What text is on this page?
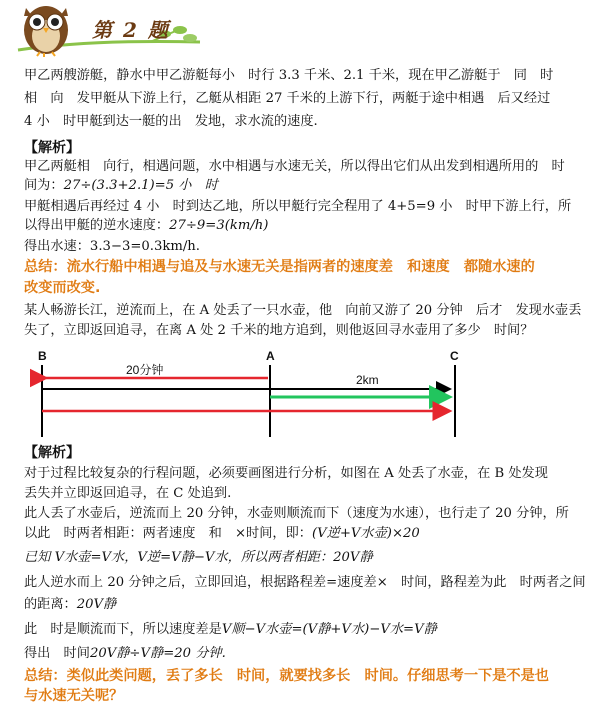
第 2 题
甲乙两艘游艇，静水中甲乙游艇每小　时行 3.3 千米、2.1 千米，现在甲乙游艇于　同　时
相　向　发甲艇从下游上行，乙艇从相距 27 千米的上游下行，两艇于途中相遇　后又经过
4 小　时甲艇到达一艇的出　发地，求水流的速度.
【解析】
甲乙两艇相　向行，相遇问题，水中相遇与水速无关，所以得出它们从出发到相遇所用的　时
间为：27÷(3.3+2.1)=5 小　时
甲艇相遇后再经过 4 小　时到达乙地，所以甲艇行完全程用了 4+5=9 小　时甲下游上行，所
以得出甲艇的逆水速度：27÷9=3(km/h)
得出水速：3.3−3=0.3km/h.
总结：流水行船中相遇与追及与水速无关是指两者的速度差　和速度　都随水速的
改变而改变.
某人畅游长江，逆流而上，在 A 处丢了一只水壶，他　向前又游了 20 分钟　后才　发现水壶丢
失了，立即返回追寻，在离 A 处 2 千米的地方追到，则他返回寻水壶用了多少　时间？
B	A	C
20分钟
2km
【解析】
对于过程比较复杂的行程问题，必须要画图进行分析，如图在 A 处丢了水壶，在 B 处发现
丢失并立即返回追寻，在 C 处追到.
此人丢了水壶后，逆流而上 20 分钟，水壶则顺流而下（速度为水速），也行走了 20 分钟，所
以此　时两者相距：两者速度　和　×时间，即：(V逆+V水壶)×20
已知 V水壶=V水，V逆=V静−V水，所以两者相距：20V静
此人逆水而上 20 分钟之后，立即回追，根据路程差=速度差×　时间，路程差为此　时两者之间
的距离：20V静
此　时是顺流而下，所以速度差是V顺−V水壶=(V静+V水)−V水=V静
得出　时间20V静÷V静=20 分钟.
总结：类似此类问题，丢了多长　时间，就要找多长　时间。仔细思考一下是不是也
与水速无关呢？
